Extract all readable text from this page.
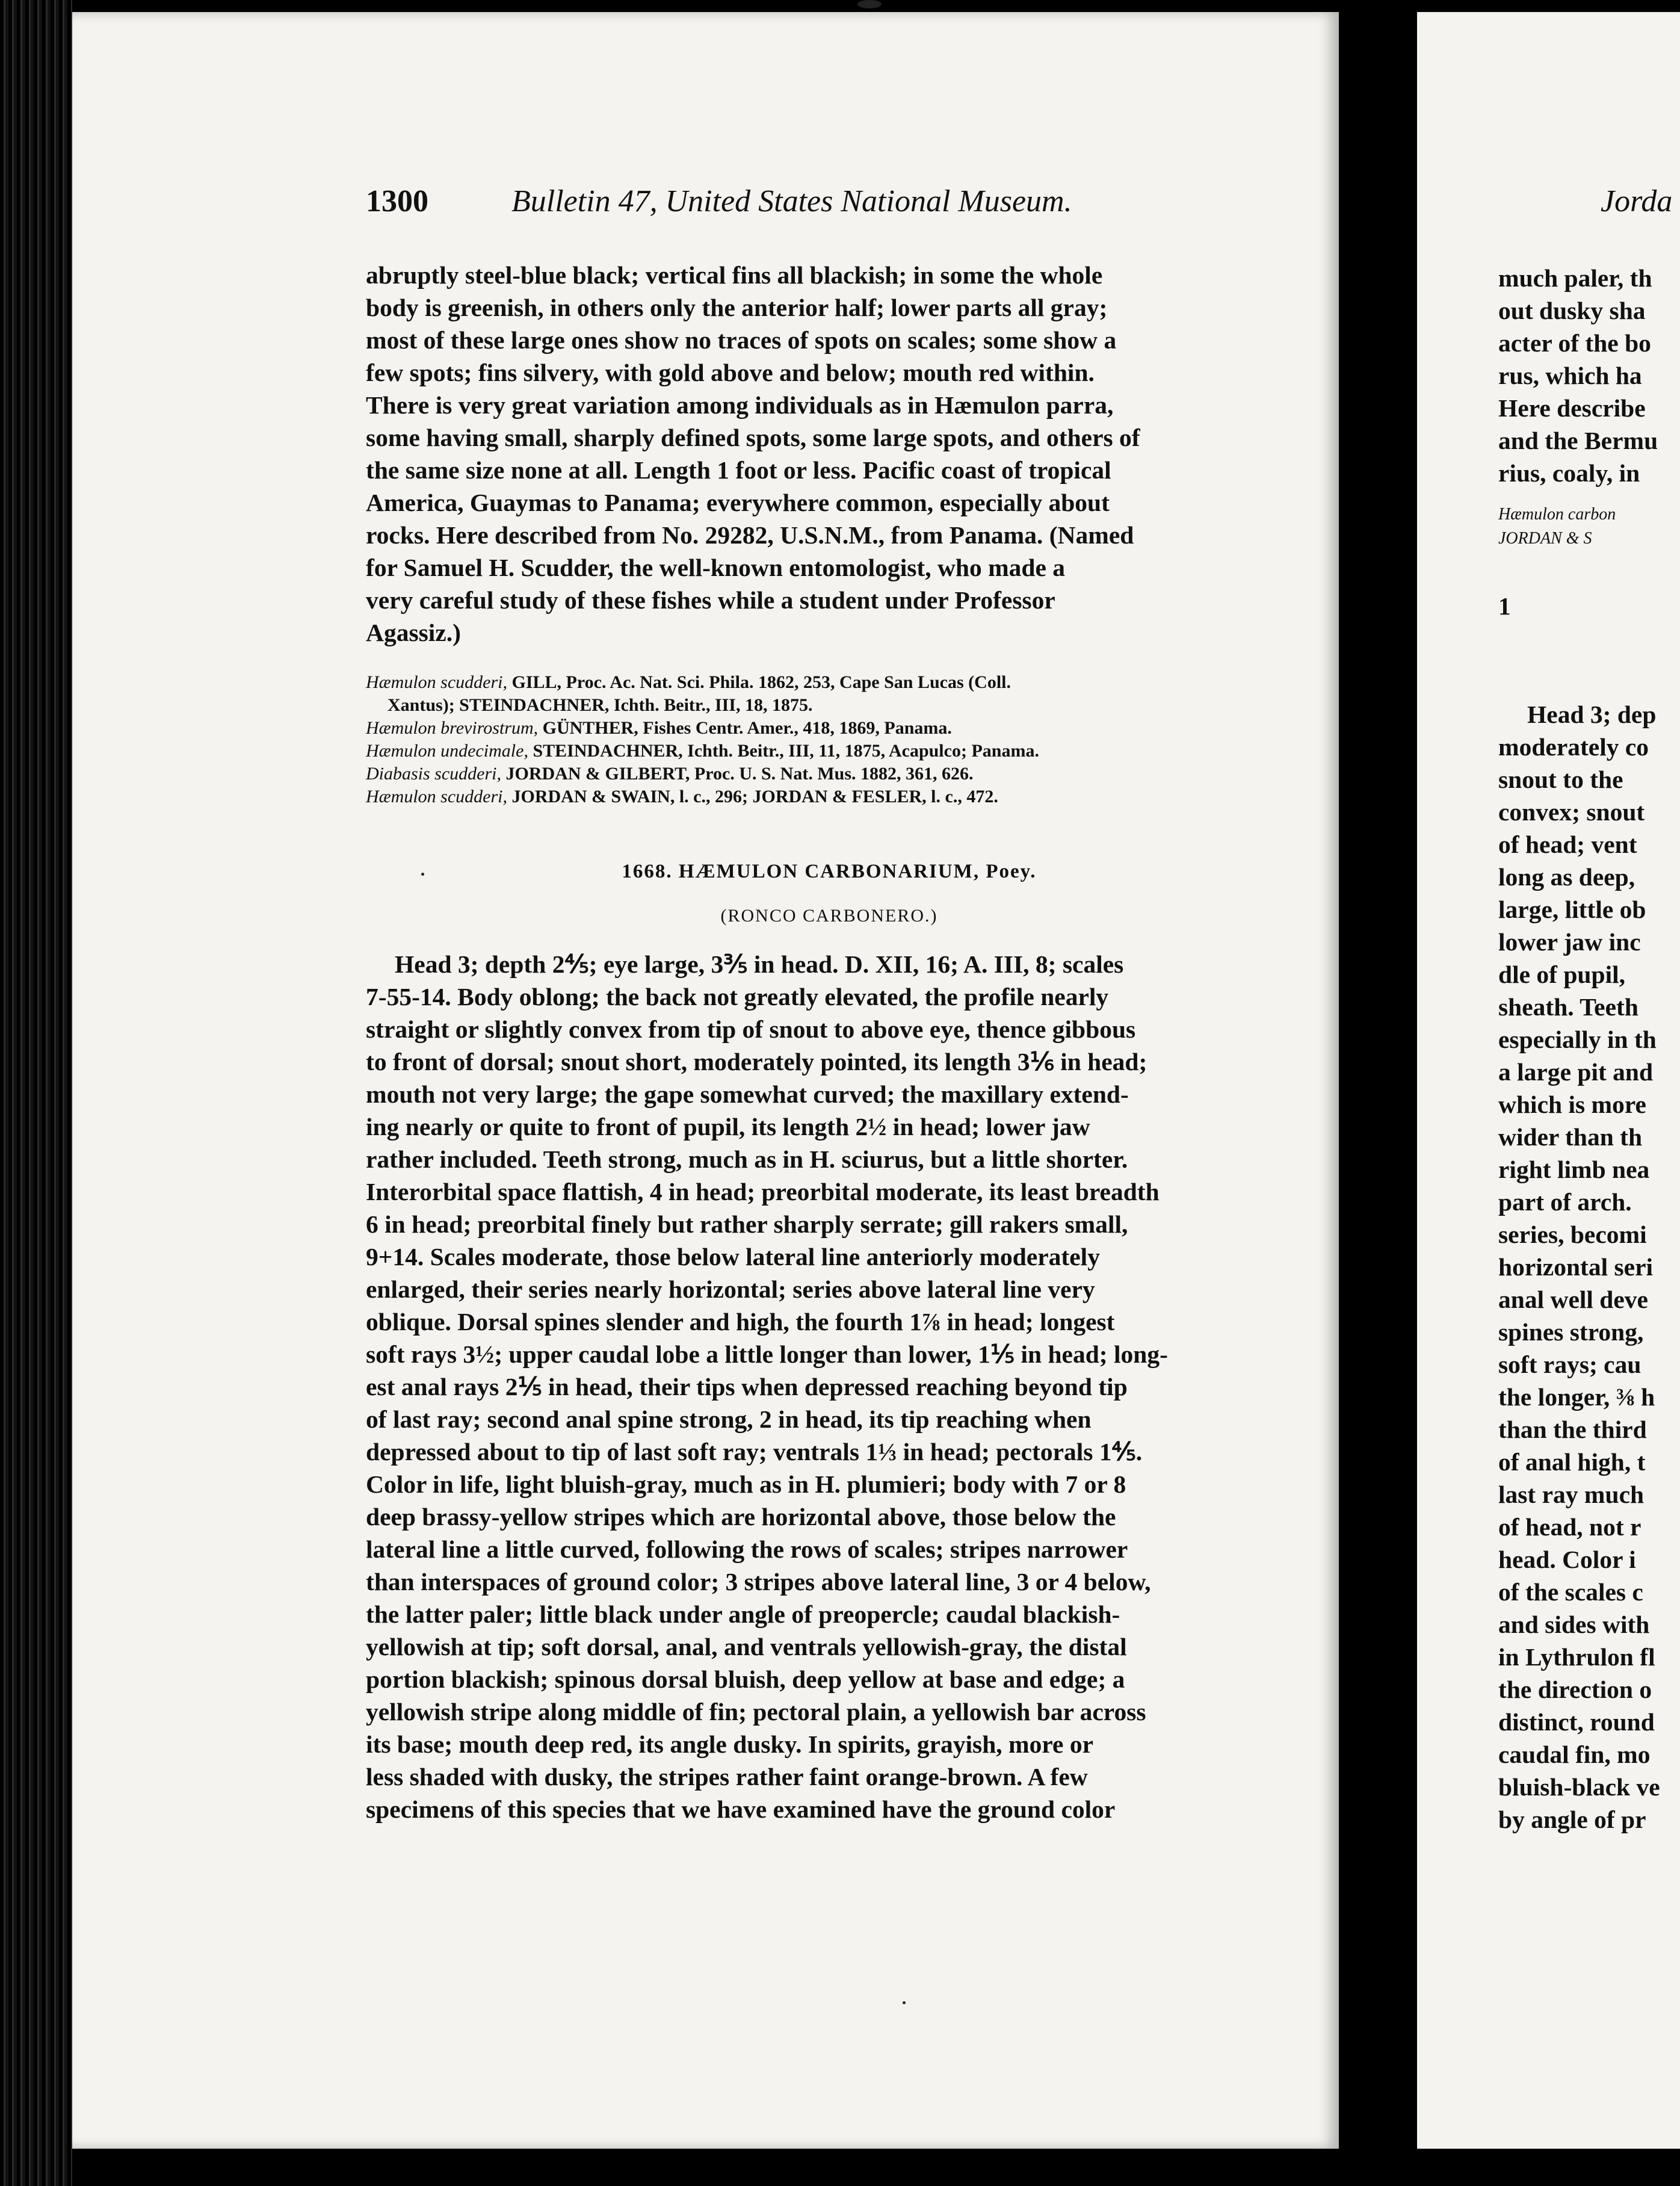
1300	Bulletin 47, United States National Museum.
abruptly steel-blue black; vertical fins all blackish; in some the whole
body is greenish, in others only the anterior half; lower parts all gray;
most of these large ones show no traces of spots on scales; some show a
few spots; fins silvery, with gold above and below; mouth red within.
There is very great variation among individuals as in Hæmulon parra,
some having small, sharply defined spots, some large spots, and others of
the same size none at all. Length 1 foot or less. Pacific coast of tropical
America, Guaymas to Panama; everywhere common, especially about
rocks. Here described from No. 29282, U.S.N.M., from Panama. (Named
for Samuel H. Scudder, the well-known entomologist, who made a
very careful study of these fishes while a student under Professor
Agassiz.)
Hæmulon scudderi, GILL, Proc. Ac. Nat. Sci. Phila. 1862, 253, Cape San Lucas (Coll.
Xantus); STEINDACHNER, Ichth. Beitr., III, 18, 1875.
Hæmulon brevirostrum, GÜNTHER, Fishes Centr. Amer., 418, 1869, Panama.
Hæmulon undecimale, STEINDACHNER, Ichth. Beitr., III, 11, 1875, Acapulco; Panama.
Diabasis scudderi, JORDAN & GILBERT, Proc. U. S. Nat. Mus. 1882, 361, 626.
Hæmulon scudderi, JORDAN & SWAIN, l. c., 296; JORDAN & FESLER, l. c., 472.
1668. HÆMULON CARBONARIUM, Poey.
(RONCO CARBONERO.)
Head 3; depth 2⅘; eye large, 3⅗ in head. D. XII, 16; A. III, 8; scales
7-55-14. Body oblong; the back not greatly elevated, the profile nearly
straight or slightly convex from tip of snout to above eye, thence gibbous
to front of dorsal; snout short, moderately pointed, its length 3⅙ in head;
mouth not very large; the gape somewhat curved; the maxillary extend-
ing nearly or quite to front of pupil, its length 2½ in head; lower jaw
rather included. Teeth strong, much as in H. sciurus, but a little shorter.
Interorbital space flattish, 4 in head; preorbital moderate, its least breadth
6 in head; preorbital finely but rather sharply serrate; gill rakers small,
9+14. Scales moderate, those below lateral line anteriorly moderately
enlarged, their series nearly horizontal; series above lateral line very
oblique. Dorsal spines slender and high, the fourth 1⅞ in head; longest
soft rays 3½; upper caudal lobe a little longer than lower, 1⅕ in head; long-
est anal rays 2⅕ in head, their tips when depressed reaching beyond tip
of last ray; second anal spine strong, 2 in head, its tip reaching when
depressed about to tip of last soft ray; ventrals 1⅓ in head; pectorals 1⅘.
Color in life, light bluish-gray, much as in H. plumieri; body with 7 or 8
deep brassy-yellow stripes which are horizontal above, those below the
lateral line a little curved, following the rows of scales; stripes narrower
than interspaces of ground color; 3 stripes above lateral line, 3 or 4 below,
the latter paler; little black under angle of preopercle; caudal blackish-
yellowish at tip; soft dorsal, anal, and ventrals yellowish-gray, the distal
portion blackish; spinous dorsal bluish, deep yellow at base and edge; a
yellowish stripe along middle of fin; pectoral plain, a yellowish bar across
its base; mouth deep red, its angle dusky. In spirits, grayish, more or
less shaded with dusky, the stripes rather faint orange-brown. A few
specimens of this species that we have examined have the ground color
Jorda
much paler, th
out dusky sha
acter of the bo
rus, which ha
Here describe
and the Bermu
rius, coaly, in
Hæmulon carbon
JORDAN & S
1
Head 3; dep
moderately co
snout to the
convex; snout
of head; vent
long as deep,
large, little ob
lower jaw inc
dle of pupil,
sheath. Teeth
especially in th
a large pit and
which is more
wider than th
right limb nea
part of arch.
series, becomi
horizontal seri
anal well deve
spines strong,
soft rays; cau
the longer, ⅜ h
than the third
of anal high, t
last ray much
of head, not r
head. Color i
of the scales c
and sides with
in Lythrulon fl
the direction o
distinct, round
caudal fin, mo
bluish-black ve
by angle of pr
